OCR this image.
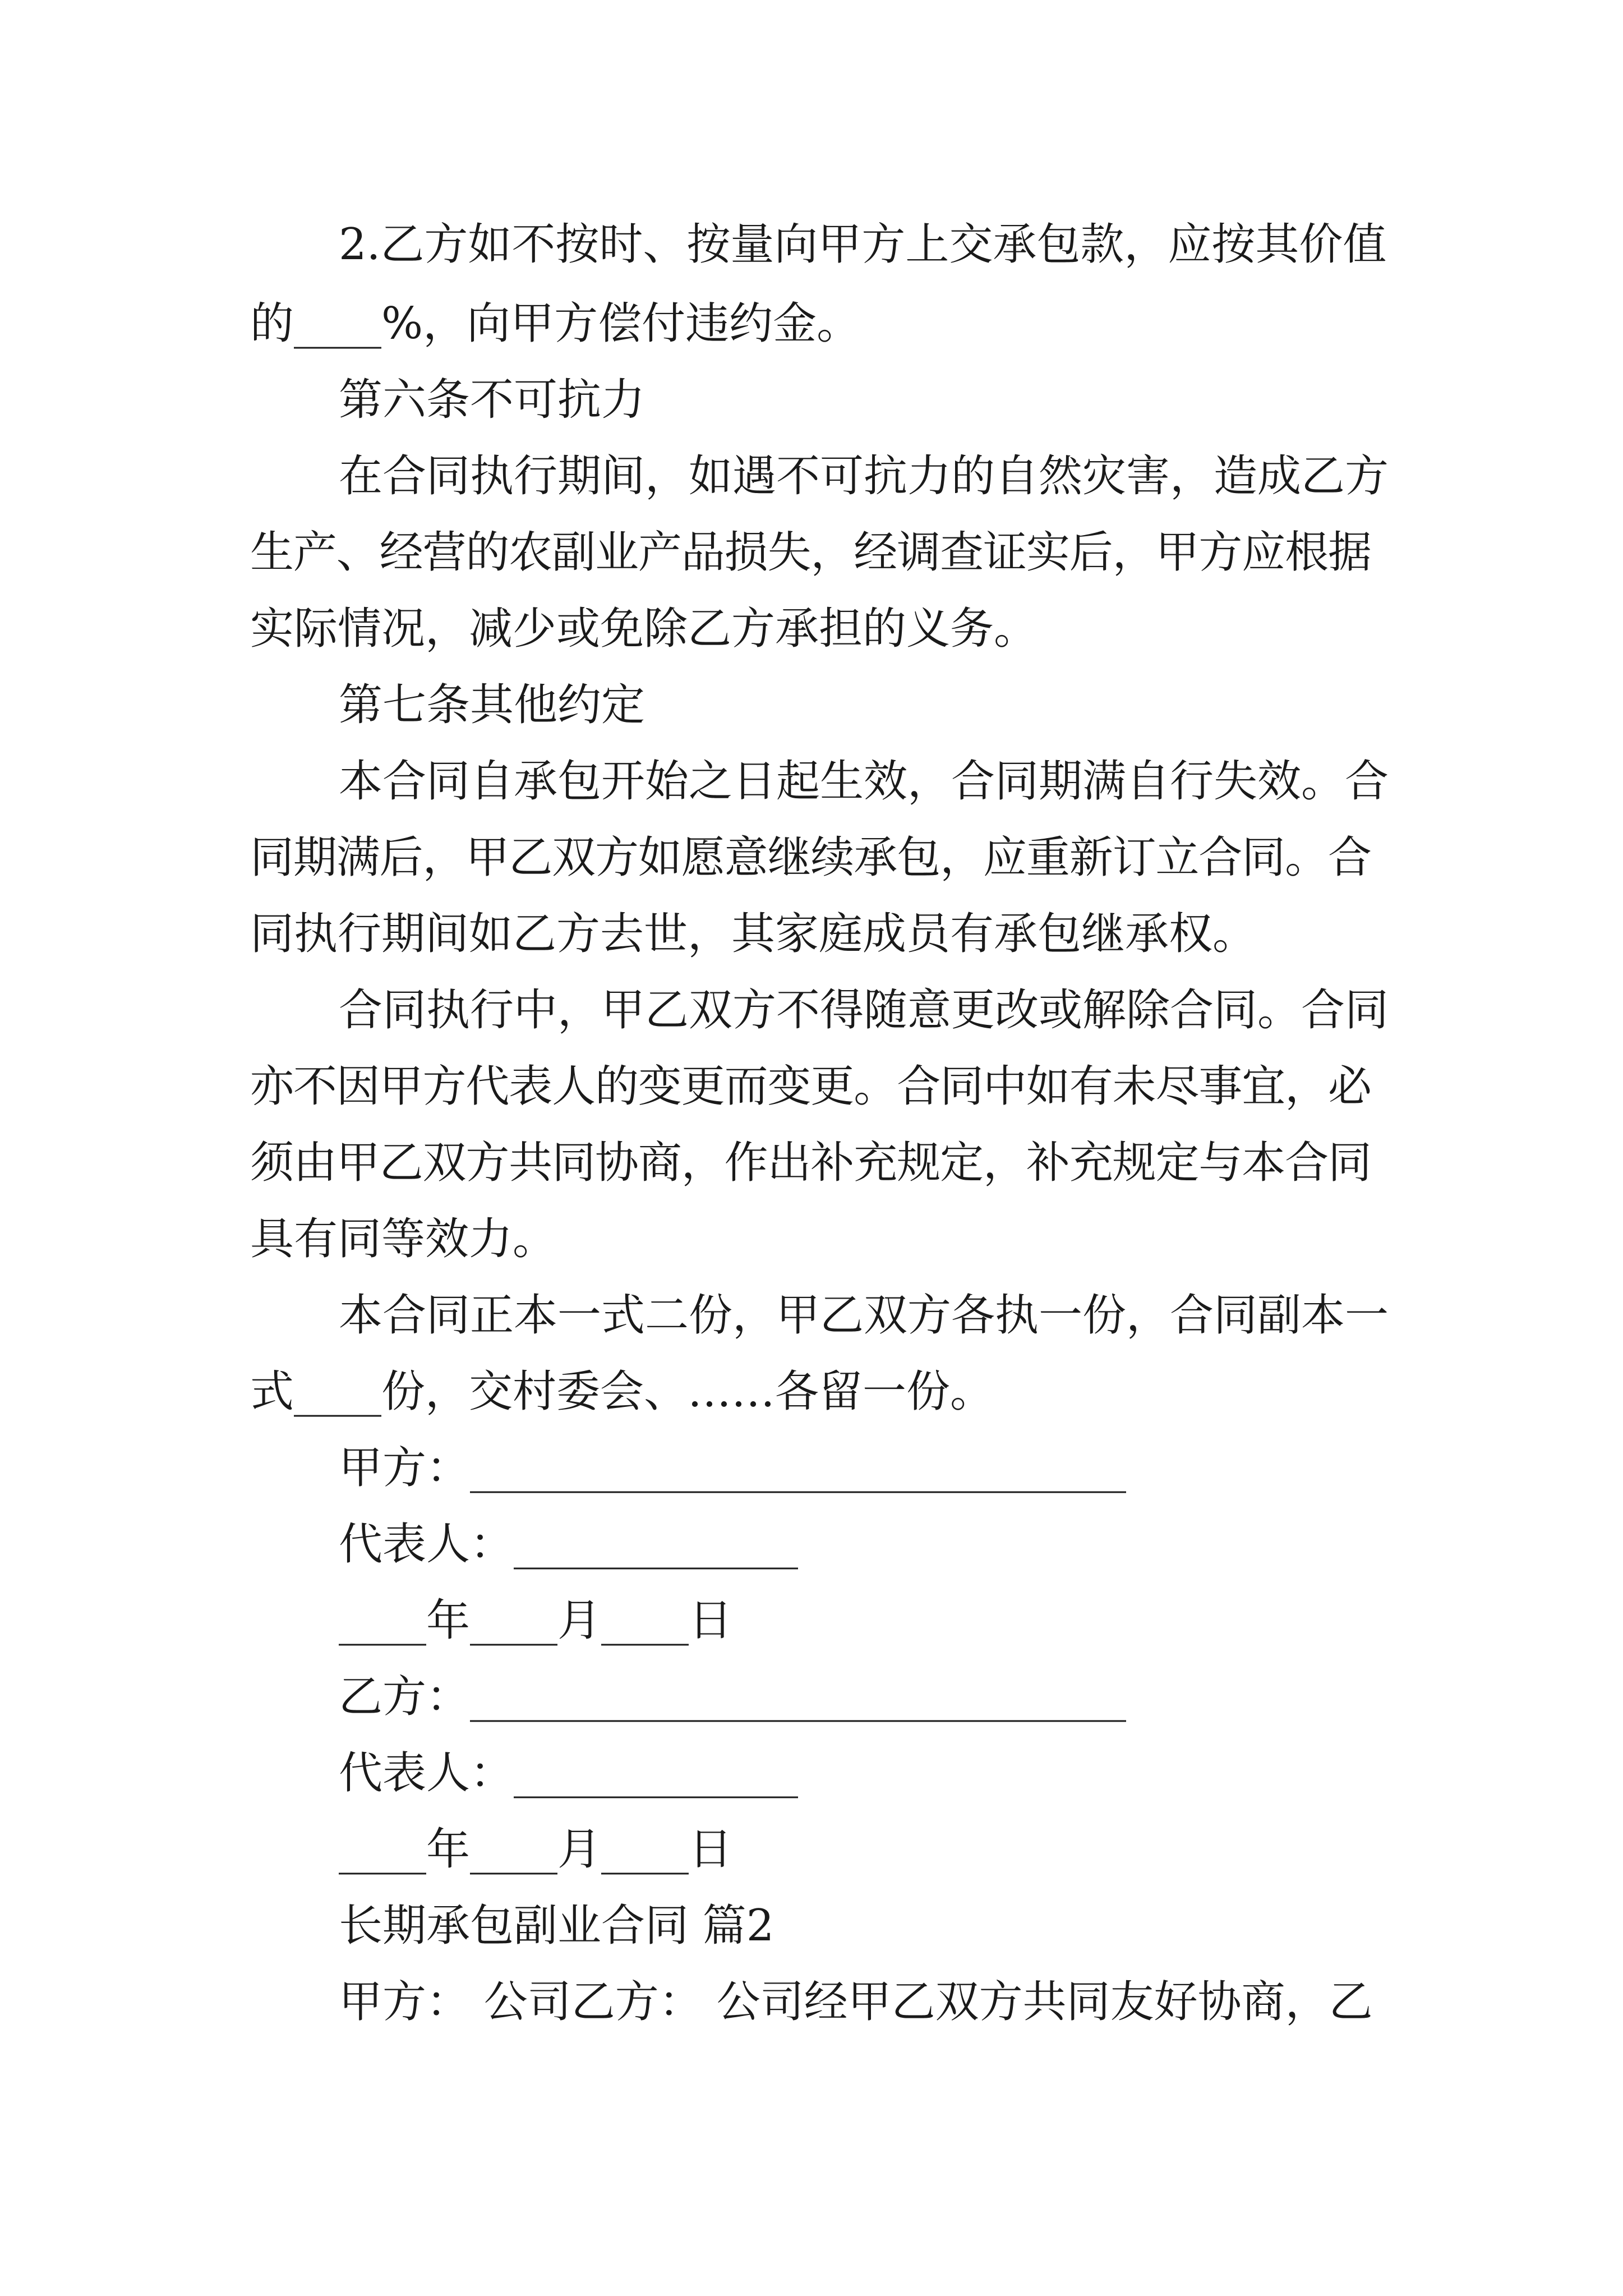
2.乙方如不按时、按量向甲方上交承包款，应按其价值
的____%，向甲方偿付违约金。
第六条不可抗力
在合同执行期间，如遇不可抗力的自然灾害，造成乙方
生产、经营的农副业产品损失，经调查证实后，甲方应根据
实际情况，减少或免除乙方承担的义务。
第七条其他约定
本合同自承包开始之日起生效，合同期满自行失效。合
同期满后，甲乙双方如愿意继续承包，应重新订立合同。合
同执行期间如乙方去世，其家庭成员有承包继承权。
合同执行中，甲乙双方不得随意更改或解除合同。合同
亦不因甲方代表人的变更而变更。合同中如有未尽事宜，必
须由甲乙双方共同协商，作出补充规定，补充规定与本合同
具有同等效力。
本合同正本一式二份，甲乙双方各执一份，合同副本一
式____份，交村委会、……各留一份。
甲方：______________________________
代表人：_____________
____年____月____日
乙方：______________________________
代表人：_____________
____年____月____日
长期承包副业合同 篇2
甲方： 公司乙方： 公司经甲乙双方共同友好协商，乙
